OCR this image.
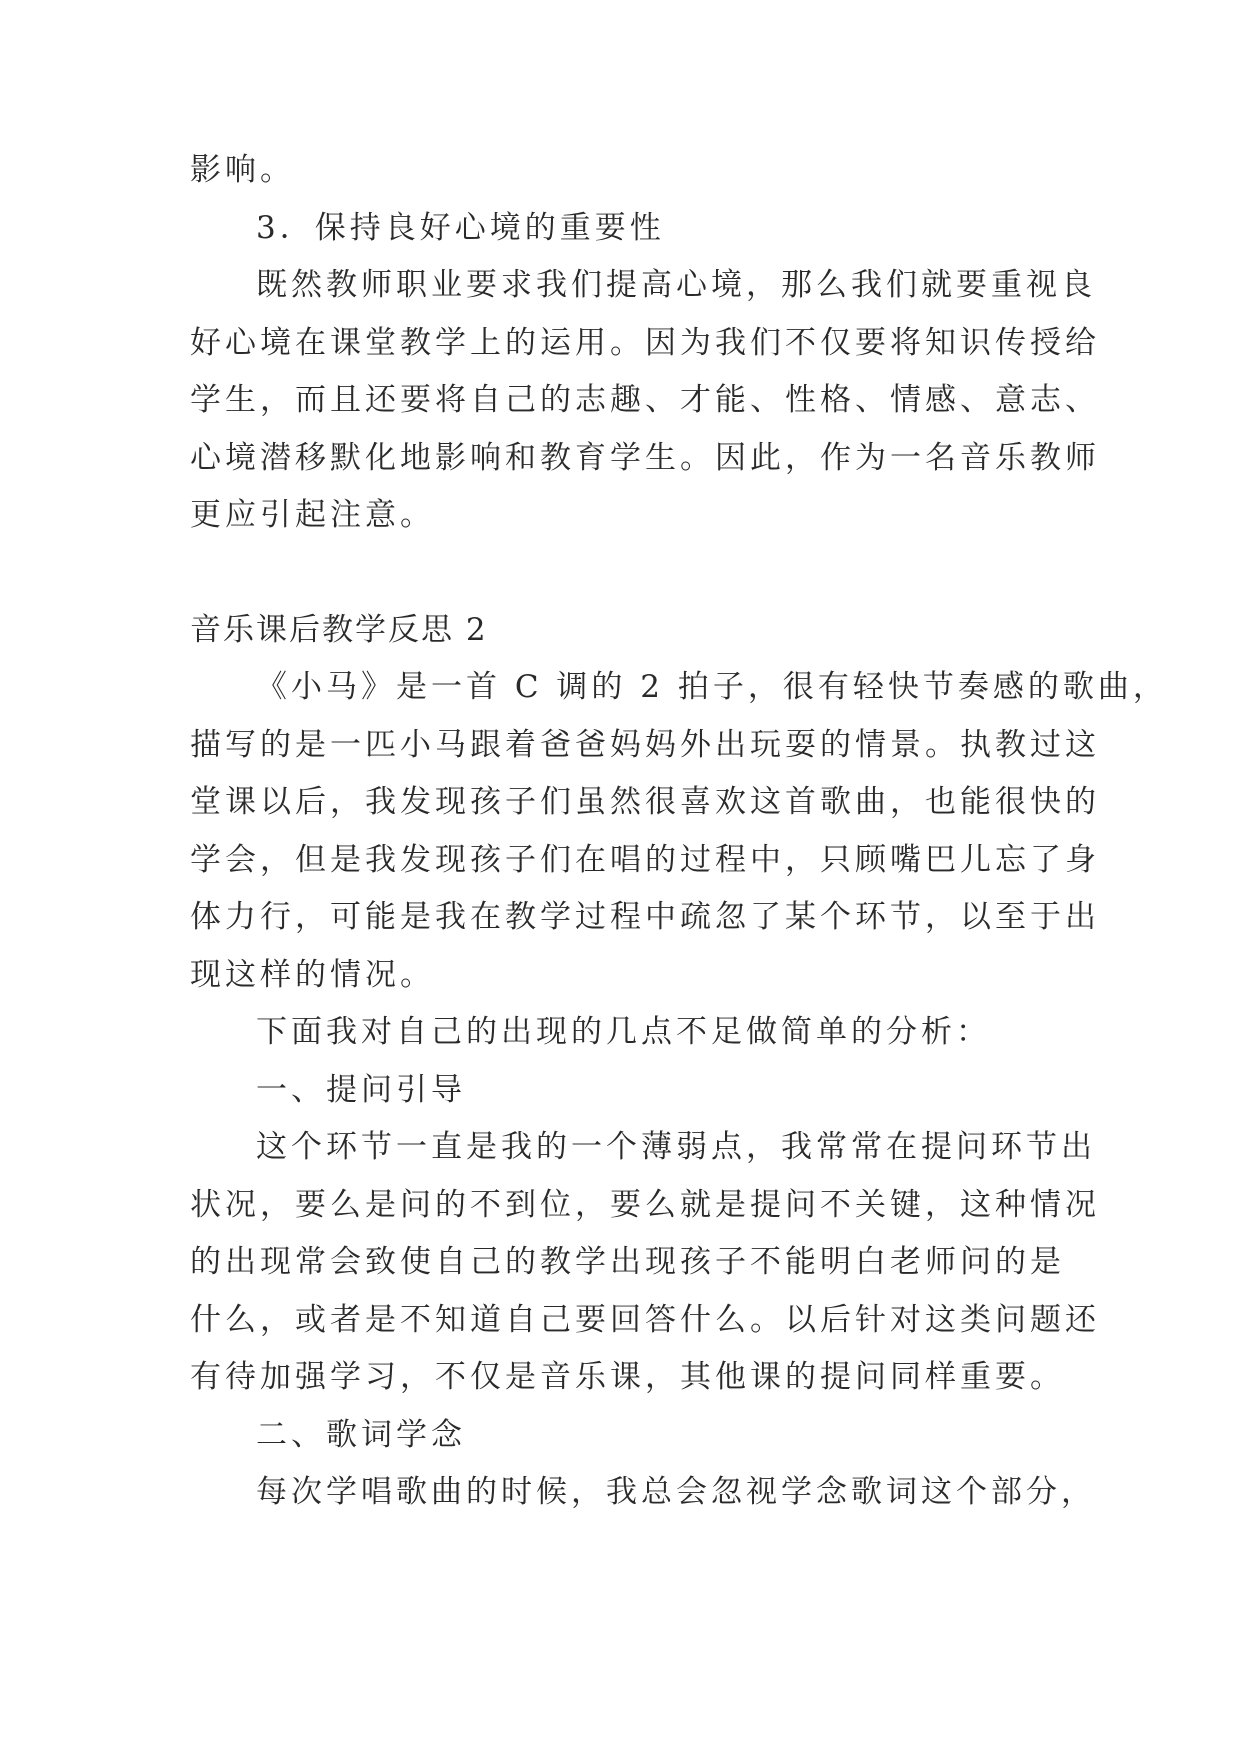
影响。
3．保持良好心境的重要性
既然教师职业要求我们提高心境，那么我们就要重视良
好心境在课堂教学上的运用。因为我们不仅要将知识传授给
学生，而且还要将自己的志趣、才能、性格、情感、意志、
心境潜移默化地影响和教育学生。因此，作为一名音乐教师
更应引起注意。
音乐课后教学反思 2
《小马》是一首 C 调的 2 拍子，很有轻快节奏感的歌曲，
描写的是一匹小马跟着爸爸妈妈外出玩耍的情景。执教过这
堂课以后，我发现孩子们虽然很喜欢这首歌曲，也能很快的
学会，但是我发现孩子们在唱的过程中，只顾嘴巴儿忘了身
体力行，可能是我在教学过程中疏忽了某个环节，以至于出
现这样的情况。
下面我对自己的出现的几点不足做简单的分析：
一、提问引导
这个环节一直是我的一个薄弱点，我常常在提问环节出
状况，要么是问的不到位，要么就是提问不关键，这种情况
的出现常会致使自己的教学出现孩子不能明白老师问的是
什么，或者是不知道自己要回答什么。以后针对这类问题还
有待加强学习，不仅是音乐课，其他课的提问同样重要。
二、歌词学念
每次学唱歌曲的时候，我总会忽视学念歌词这个部分，
